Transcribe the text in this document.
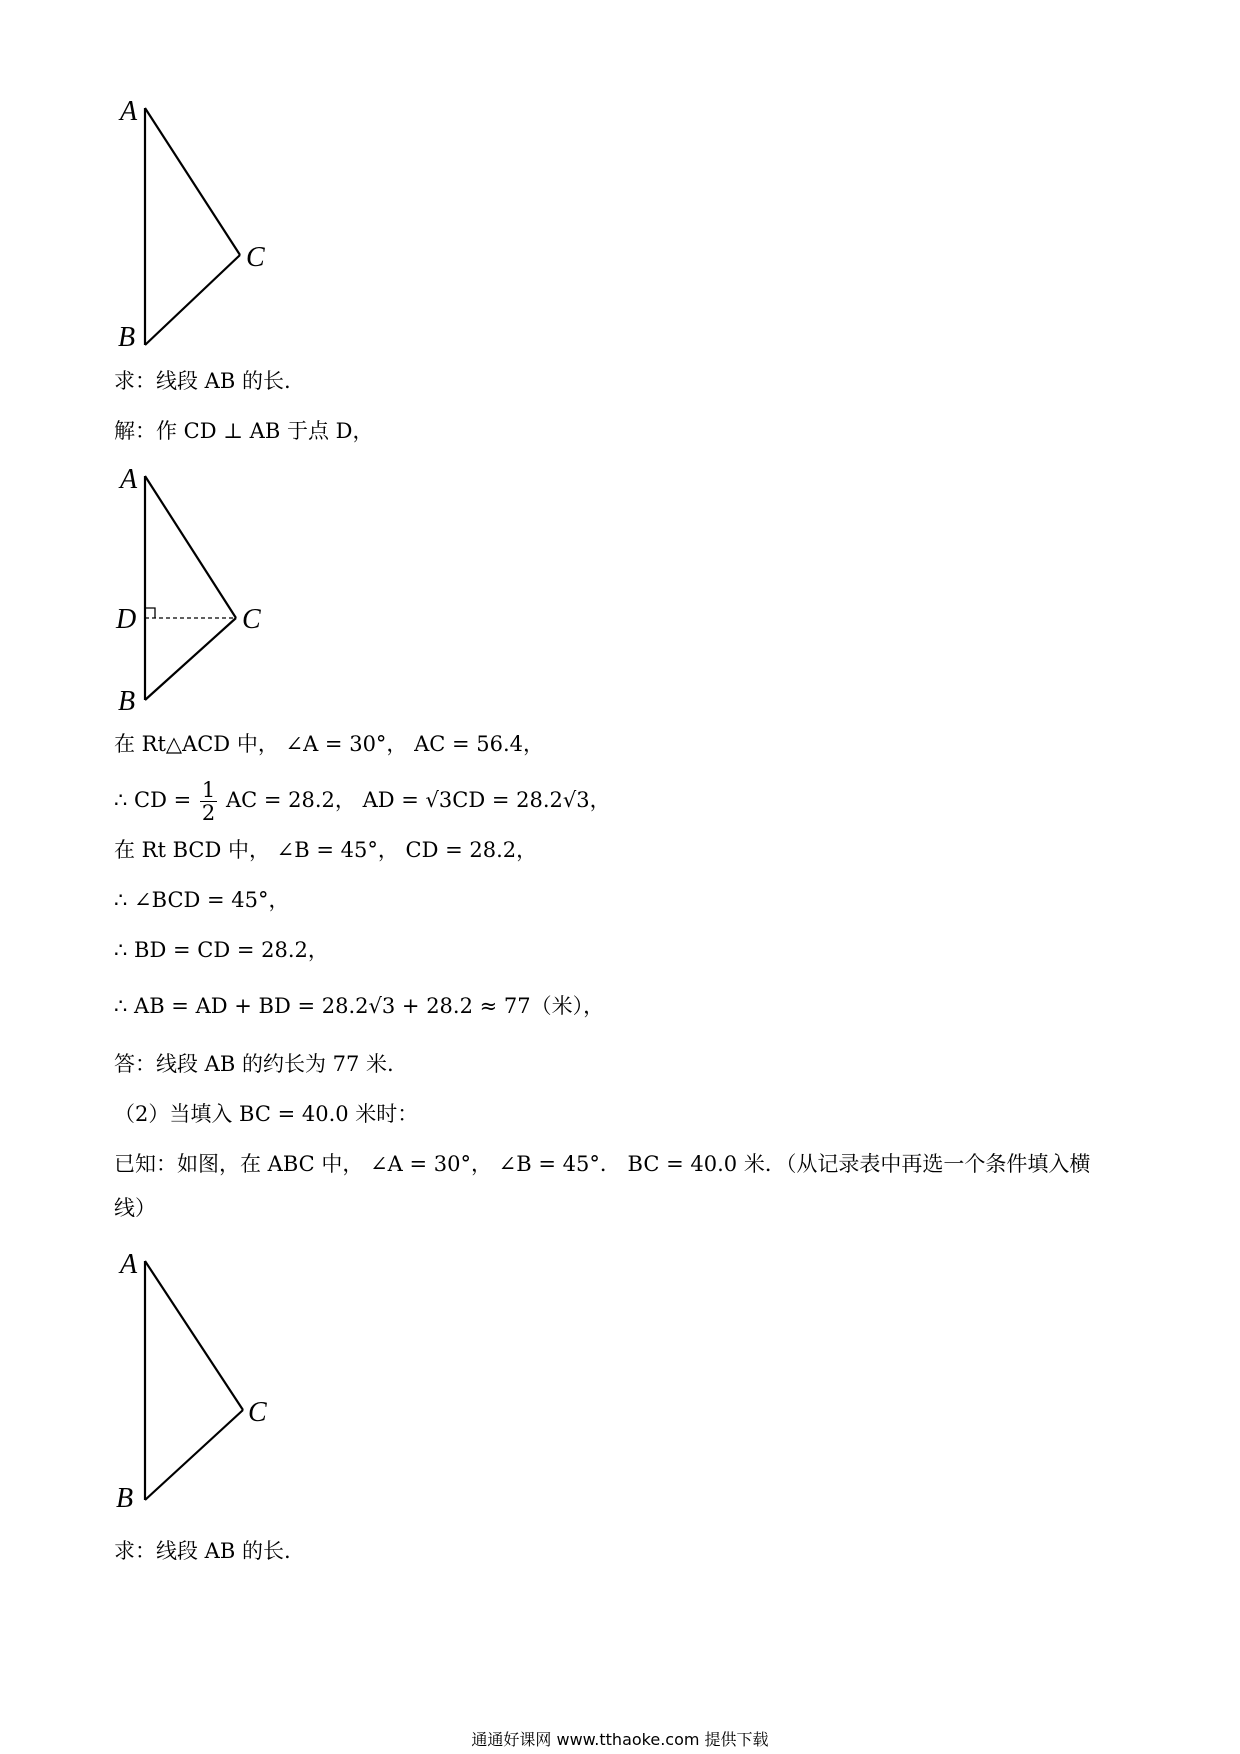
A
C
B
求：线段 AB 的长.
解：作 CD ⊥ AB 于点 D，
A
D	C
B
在 Rt△ACD 中， ∠A = 30°， AC = 56.4，
∴ CD = $\frac{1}{2}$ AC = 28.2， AD = √3CD = 28.2√3，
在 Rt BCD 中， ∠B = 45°， CD = 28.2，
∴ ∠BCD = 45°，
∴ BD = CD = 28.2，
∴ AB = AD + BD = 28.2√3 + 28.2 ≈ 77（米），
答：线段 AB 的约长为 77 米.
（2）当填入 BC = 40.0 米时：
已知：如图，在 ABC 中， ∠A = 30°， ∠B = 45°． BC = 40.0 米．（从记录表中再选一个条件填入横
线）
A
C
B
求：线段 AB 的长.
通通好课网 www.tthaoke.com 提供下载
